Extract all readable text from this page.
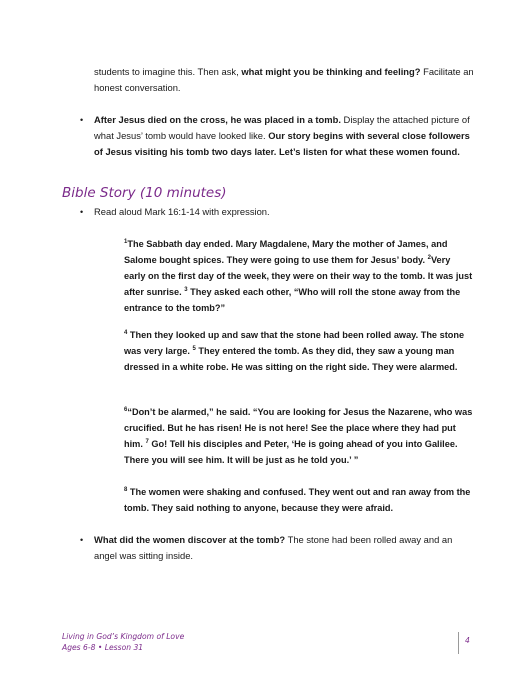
students to imagine this. Then ask, what might you be thinking and feeling? Facilitate an honest conversation.

• After Jesus died on the cross, he was placed in a tomb. Display the attached picture of what Jesus’ tomb would have looked like. Our story begins with several close followers of Jesus visiting his tomb two days later. Let’s listen for what these women found.

Bible Story (10 minutes)
• Read aloud Mark 16:1-14 with expression.

$^1$The Sabbath day ended. Mary Magdalene, Mary the mother of James, and Salome bought spices. They were going to use them for Jesus’ body. $^2$Very early on the first day of the week, they were on their way to the tomb. It was just after sunrise. $^3$ They asked each other, “Who will roll the stone away from the entrance to the tomb?”

$^4$ Then they looked up and saw that the stone had been rolled away. The stone was very large. $^5$ They entered the tomb. As they did, they saw a young man dressed in a white robe. He was sitting on the right side. They were alarmed.

$^6$“Don’t be alarmed,” he said. “You are looking for Jesus the Nazarene, who was crucified. But he has risen! He is not here! See the place where they had put him. $^7$ Go! Tell his disciples and Peter, ‘He is going ahead of you into Galilee. There you will see him. It will be just as he told you.’ ”

$^8$ The women were shaking and confused. They went out and ran away from the tomb. They said nothing to anyone, because they were afraid.

• What did the women discover at the tomb? The stone had been rolled away and an angel was sitting inside.

Living in God’s Kingdom of Love
Ages 6-8 • Lesson 31
4
